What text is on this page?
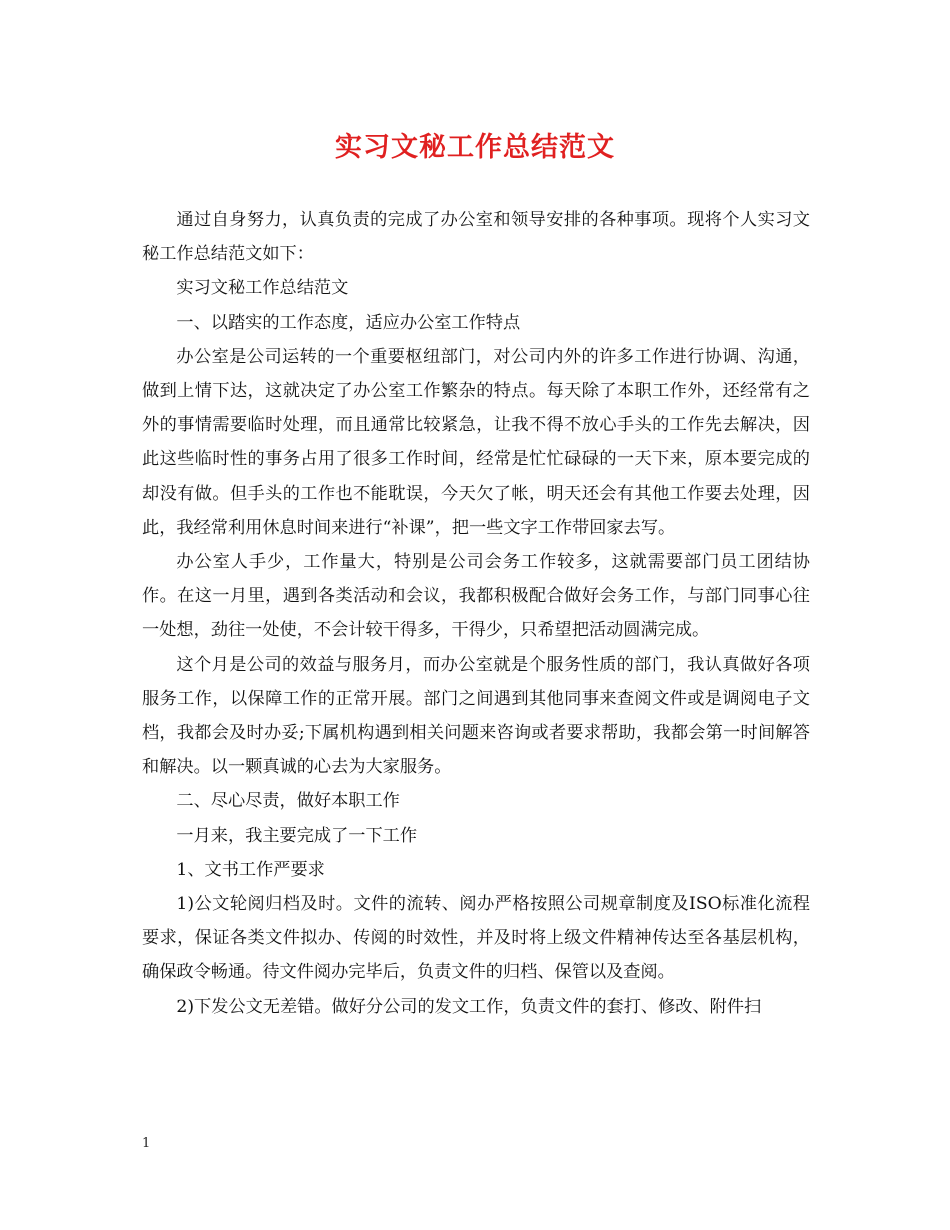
实习文秘工作总结范文

通过自身努力，认真负责的完成了办公室和领导安排的各种事项。现将个人实习文秘工作总结范文如下：

实习文秘工作总结范文

一、以踏实的工作态度，适应办公室工作特点

办公室是公司运转的一个重要枢纽部门，对公司内外的许多工作进行协调、沟通，做到上情下达，这就决定了办公室工作繁杂的特点。每天除了本职工作外，还经常有之外的事情需要临时处理，而且通常比较紧急，让我不得不放心手头的工作先去解决，因此这些临时性的事务占用了很多工作时间，经常是忙忙碌碌的一天下来，原本要完成的却没有做。但手头的工作也不能耽误，今天欠了帐，明天还会有其他工作要去处理，因此，我经常利用休息时间来进行“补课”，把一些文字工作带回家去写。

办公室人手少，工作量大，特别是公司会务工作较多，这就需要部门员工团结协作。在这一月里，遇到各类活动和会议，我都积极配合做好会务工作，与部门同事心往一处想，劲往一处使，不会计较干得多，干得少，只希望把活动圆满完成。

这个月是公司的效益与服务月，而办公室就是个服务性质的部门，我认真做好各项服务工作，以保障工作的正常开展。部门之间遇到其他同事来查阅文件或是调阅电子文档，我都会及时办妥;下属机构遇到相关问题来咨询或者要求帮助，我都会第一时间解答和解决。以一颗真诚的心去为大家服务。

二、尽心尽责，做好本职工作

一月来，我主要完成了一下工作

1、文书工作严要求

1)公文轮阅归档及时。文件的流转、阅办严格按照公司规章制度及ISO标准化流程要求，保证各类文件拟办、传阅的时效性，并及时将上级文件精神传达至各基层机构，确保政令畅通。待文件阅办完毕后，负责文件的归档、保管以及查阅。

2)下发公文无差错。做好分公司的发文工作，负责文件的套打、修改、附件扫

1
